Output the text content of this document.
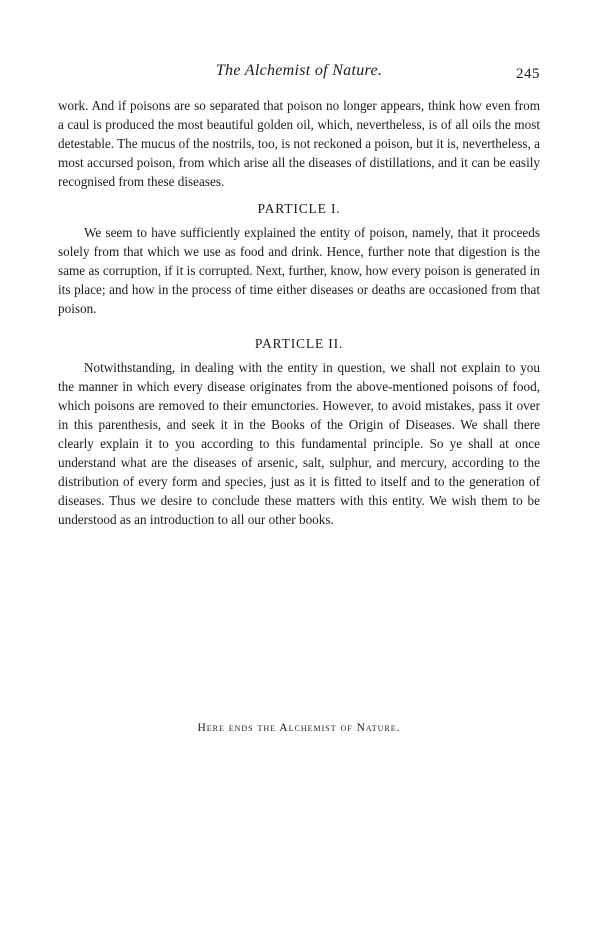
The Alchemist of Nature.	245

work. And if poisons are so separated that poison no longer appears, think how even from a caul is produced the most beautiful golden oil, which, nevertheless, is of all oils the most detestable. The mucus of the nostrils, too, is not reckoned a poison, but it is, nevertheless, a most accursed poison, from which arise all the diseases of distillations, and it can be easily recognised from these diseases.

PARTICLE I.

We seem to have sufficiently explained the entity of poison, namely, that it proceeds solely from that which we use as food and drink. Hence, further note that digestion is the same as corruption, if it is corrupted. Next, further, know, how every poison is generated in its place; and how in the process of time either diseases or deaths are occasioned from that poison.

PARTICLE II.

Notwithstanding, in dealing with the entity in question, we shall not explain to you the manner in which every disease originates from the above-mentioned poisons of food, which poisons are removed to their emunctories. However, to avoid mistakes, pass it over in this parenthesis, and seek it in the Books of the Origin of Diseases. We shall there clearly explain it to you according to this fundamental principle. So ye shall at once understand what are the diseases of arsenic, salt, sulphur, and mercury, according to the distribution of every form and species, just as it is fitted to itself and to the generation of diseases. Thus we desire to conclude these matters with this entity. We wish them to be understood as an introduction to all our other books.

Here ends the Alchemist of Nature.
